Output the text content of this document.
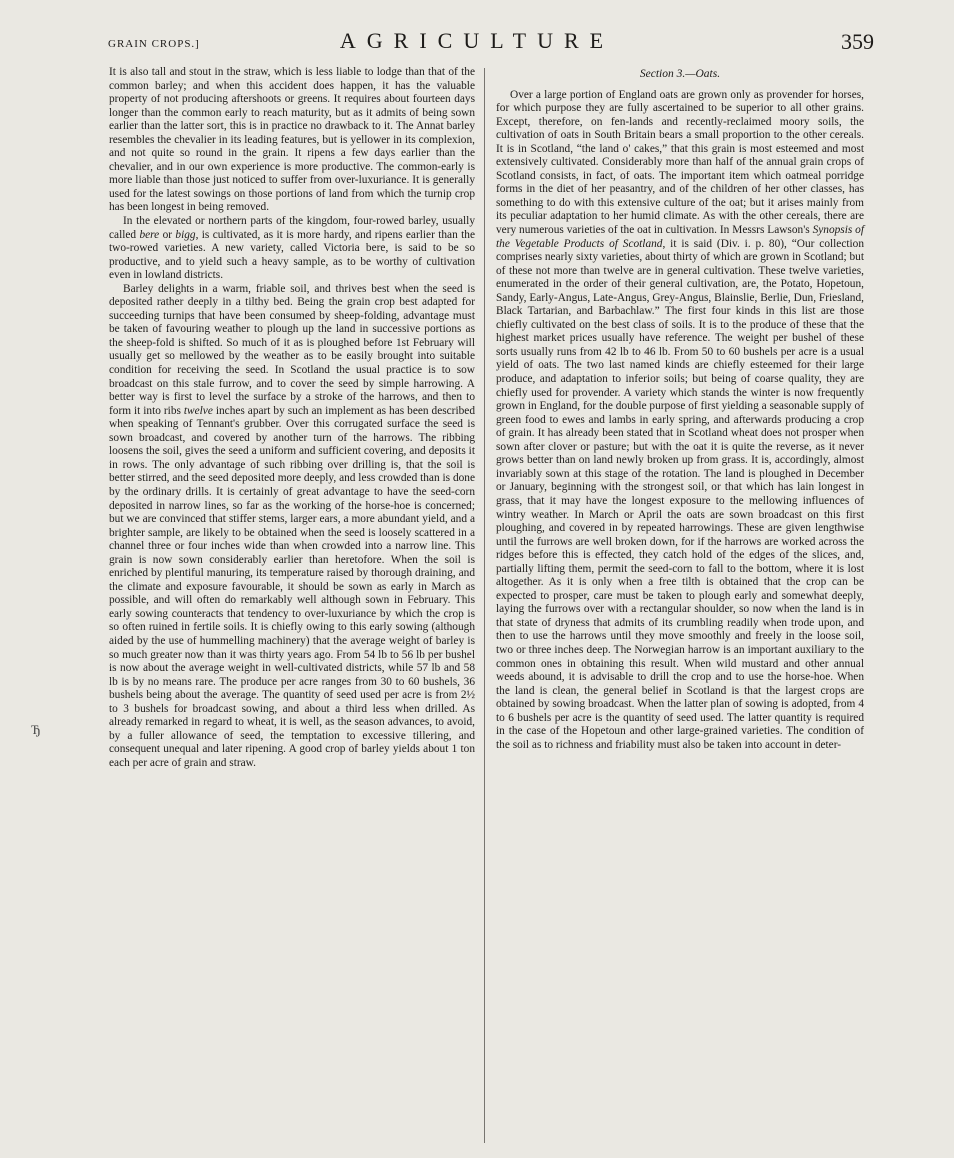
GRAIN CROPS.]	AGRICULTURE	359
Ђ

It is also tall and stout in the straw, which is less liable to lodge than that of the common barley; and when this accident does happen, it has the valuable property of not producing aftershoots or greens. It requires about fourteen days longer than the common early to reach maturity, but as it admits of being sown earlier than the latter sort, this is in practice no drawback to it. The Annat barley resembles the chevalier in its leading features, but is yellower in its complexion, and not quite so round in the grain. It ripens a few days earlier than the chevalier, and in our own experience is more productive. The common-early is more liable than those just noticed to suffer from over-luxuriance. It is generally used for the latest sowings on those portions of land from which the turnip crop has been longest in being removed.

In the elevated or northern parts of the kingdom, four-rowed barley, usually called bere or bigg, is cultivated, as it is more hardy, and ripens earlier than the two-rowed varieties. A new variety, called Victoria bere, is said to be so productive, and to yield such a heavy sample, as to be worthy of cultivation even in lowland districts.

Barley delights in a warm, friable soil, and thrives best when the seed is deposited rather deeply in a tilthy bed. Being the grain crop best adapted for succeeding turnips that have been consumed by sheep-folding, advantage must be taken of favouring weather to plough up the land in successive portions as the sheep-fold is shifted. So much of it as is ploughed before 1st February will usually get so mellowed by the weather as to be easily brought into suitable condition for receiving the seed. In Scotland the usual practice is to sow broadcast on this stale furrow, and to cover the seed by simple harrowing. A better way is first to level the surface by a stroke of the harrows, and then to form it into ribs twelve inches apart by such an implement as has been described when speaking of Tennant's grubber. Over this corrugated surface the seed is sown broadcast, and covered by another turn of the harrows. The ribbing loosens the soil, gives the seed a uniform and sufficient covering, and deposits it in rows. The only advantage of such ribbing over drilling is, that the soil is better stirred, and the seed deposited more deeply, and less crowded than is done by the ordinary drills. It is certainly of great advantage to have the seed-corn deposited in narrow lines, so far as the working of the horse-hoe is concerned; but we are convinced that stiffer stems, larger ears, a more abundant yield, and a brighter sample, are likely to be obtained when the seed is loosely scattered in a channel three or four inches wide than when crowded into a narrow line. This grain is now sown considerably earlier than heretofore. When the soil is enriched by plentiful manuring, its temperature raised by thorough draining, and the climate and exposure favourable, it should be sown as early in March as possible, and will often do remarkably well although sown in February. This early sowing counteracts that tendency to over-luxuriance by which the crop is so often ruined in fertile soils. It is chiefly owing to this early sowing (although aided by the use of hummelling machinery) that the average weight of barley is so much greater now than it was thirty years ago. From 54 lb to 56 lb per bushel is now about the average weight in well-cultivated districts, while 57 lb and 58 lb is by no means rare. The produce per acre ranges from 30 to 60 bushels, 36 bushels being about the average. The quantity of seed used per acre is from 2½ to 3 bushels for broadcast sowing, and about a third less when drilled. As already remarked in regard to wheat, it is well, as the season advances, to avoid, by a fuller allowance of seed, the temptation to excessive tillering, and consequent unequal and later ripening. A good crop of barley yields about 1 ton each per acre of grain and straw.

Section 3.—Oats.

Over a large portion of England oats are grown only as provender for horses, for which purpose they are fully ascertained to be superior to all other grains. Except, therefore, on fen-lands and recently-reclaimed moory soils, the cultivation of oats in South Britain bears a small proportion to the other cereals. It is in Scotland, “the land o' cakes,” that this grain is most esteemed and most extensively cultivated. Considerably more than half of the annual grain crops of Scotland consists, in fact, of oats. The important item which oatmeal porridge forms in the diet of her peasantry, and of the children of her other classes, has something to do with this extensive culture of the oat; but it arises mainly from its peculiar adaptation to her humid climate. As with the other cereals, there are very numerous varieties of the oat in cultivation. In Messrs Lawson's Synopsis of the Vegetable Products of Scotland, it is said (Div. i. p. 80), “Our collection comprises nearly sixty varieties, about thirty of which are grown in Scotland; but of these not more than twelve are in general cultivation. These twelve varieties, enumerated in the order of their general cultivation, are, the Potato, Hopetoun, Sandy, Early-Angus, Late-Angus, Grey-Angus, Blainslie, Berlie, Dun, Friesland, Black Tartarian, and Barbachlaw.” The first four kinds in this list are those chiefly cultivated on the best class of soils. It is to the produce of these that the highest market prices usually have reference. The weight per bushel of these sorts usually runs from 42 lb to 46 lb. From 50 to 60 bushels per acre is a usual yield of oats. The two last named kinds are chiefly esteemed for their large produce, and adaptation to inferior soils; but being of coarse quality, they are chiefly used for provender. A variety which stands the winter is now frequently grown in England, for the double purpose of first yielding a seasonable supply of green food to ewes and lambs in early spring, and afterwards producing a crop of grain. It has already been stated that in Scotland wheat does not prosper when sown after clover or pasture; but with the oat it is quite the reverse, as it never grows better than on land newly broken up from grass. It is, accordingly, almost invariably sown at this stage of the rotation. The land is ploughed in December or January, beginning with the strongest soil, or that which has lain longest in grass, that it may have the longest exposure to the mellowing influences of wintry weather. In March or April the oats are sown broadcast on this first ploughing, and covered in by repeated harrowings. These are given lengthwise until the furrows are well broken down, for if the harrows are worked across the ridges before this is effected, they catch hold of the edges of the slices, and, partially lifting them, permit the seed-corn to fall to the bottom, where it is lost altogether. As it is only when a free tilth is obtained that the crop can be expected to prosper, care must be taken to plough early and somewhat deeply, laying the furrows over with a rectangular shoulder, so now when the land is in that state of dryness that admits of its crumbling readily when trode upon, and then to use the harrows until they move smoothly and freely in the loose soil, two or three inches deep. The Norwegian harrow is an important auxiliary to the common ones in obtaining this result. When wild mustard and other annual weeds abound, it is advisable to drill the crop and to use the horse-hoe. When the land is clean, the general belief in Scotland is that the largest crops are obtained by sowing broadcast. When the latter plan of sowing is adopted, from 4 to 6 bushels per acre is the quantity of seed used. The latter quantity is required in the case of the Hopetoun and other large-grained varieties. The condition of the soil as to richness and friability must also be taken into account in deter-
